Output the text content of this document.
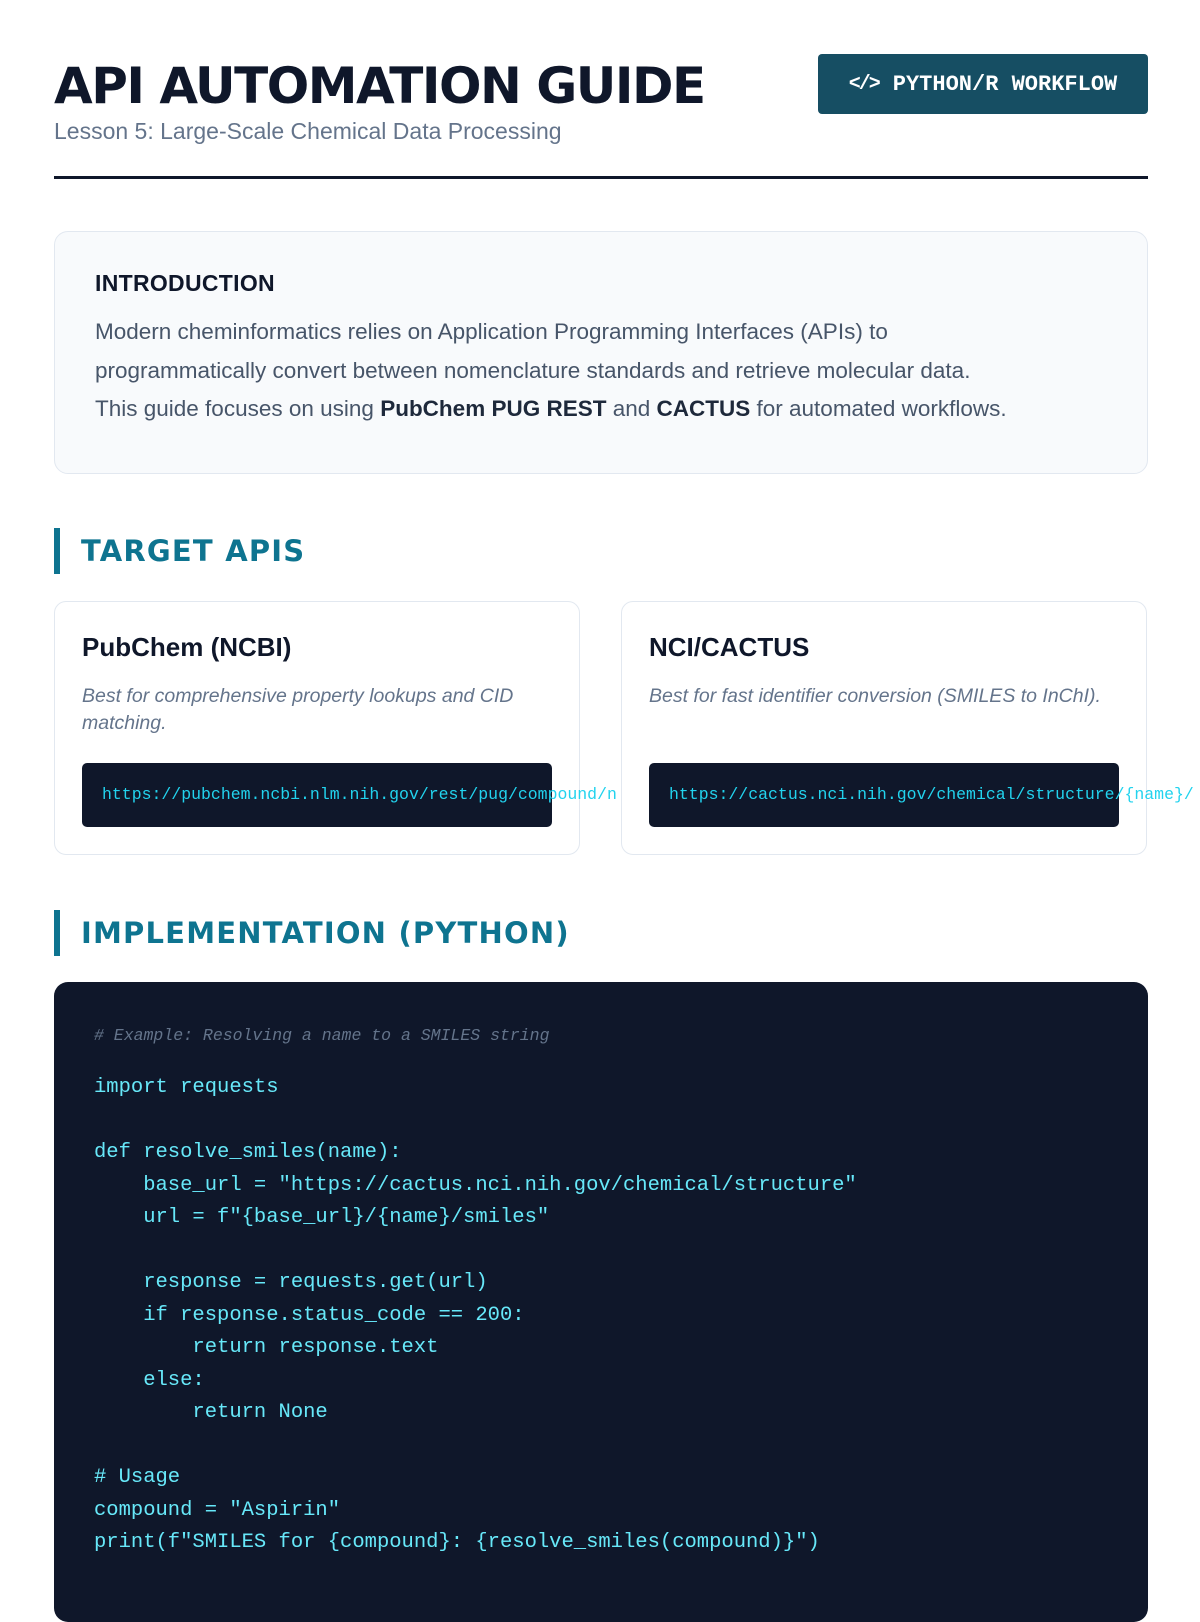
API AUTOMATION GUIDE
Lesson 5: Large-Scale Chemical Data Processing
</> PYTHON/R WORKFLOW
INTRODUCTION

Modern cheminformatics relies on Application Programming Interfaces (APIs) to
programmatically convert between nomenclature standards and retrieve molecular data.
This guide focuses on using PubChem PUG REST and CACTUS for automated workflows.

TARGET APIS
PubChem (NCBI)
Best for comprehensive property lookups and CID matching.
https://pubchem.ncbi.nlm.nih.gov/rest/pug/compound/n
NCI/CACTUS
Best for fast identifier conversion (SMILES to InChI).
https://cactus.nci.nih.gov/chemical/structure/{name}/
IMPLEMENTATION (PYTHON)
# Example: Resolving a name to a SMILES string
import requests
def resolve_smiles(name):
base_url = "https://cactus.nci.nih.gov/chemical/structure"
url = f"{base_url}/{name}/smiles"
response = requests.get(url)
if response.status_code == 200:
return response.text
else:
return None
# Usage
compound = "Aspirin"
print(f"SMILES for {compound}: {resolve_smiles(compound)}")
